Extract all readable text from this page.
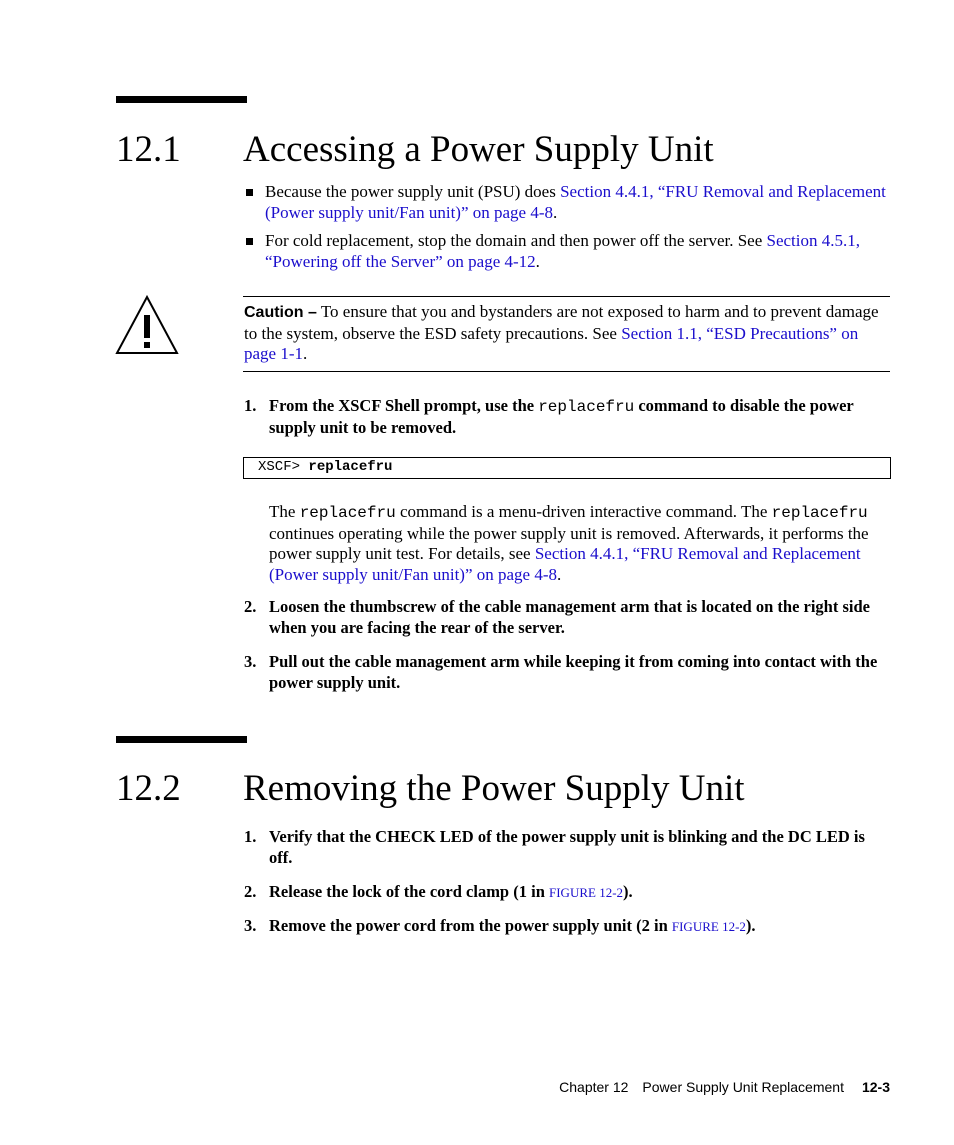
12.1 Accessing a Power Supply Unit
Because the power supply unit (PSU) does Section 4.4.1, “FRU Removal and Replacement (Power supply unit/Fan unit)” on page 4-8.
For cold replacement, stop the domain and then power off the server. See Section 4.5.1, “Powering off the Server” on page 4-12.
Caution – To ensure that you and bystanders are not exposed to harm and to prevent damage to the system, observe the ESD safety precautions. See Section 1.1, “ESD Precautions” on page 1-1.
1. From the XSCF Shell prompt, use the replacefru command to disable the power supply unit to be removed.
XSCF> replacefru
The replacefru command is a menu-driven interactive command. The replacefru continues operating while the power supply unit is removed. Afterwards, it performs the power supply unit test. For details, see Section 4.4.1, “FRU Removal and Replacement (Power supply unit/Fan unit)” on page 4-8.
2. Loosen the thumbscrew of the cable management arm that is located on the right side when you are facing the rear of the server.
3. Pull out the cable management arm while keeping it from coming into contact with the power supply unit.
12.2 Removing the Power Supply Unit
1. Verify that the CHECK LED of the power supply unit is blinking and the DC LED is off.
2. Release the lock of the cord clamp (1 in FIGURE 12-2).
3. Remove the power cord from the power supply unit (2 in FIGURE 12-2).
Chapter 12 Power Supply Unit Replacement 12-3
